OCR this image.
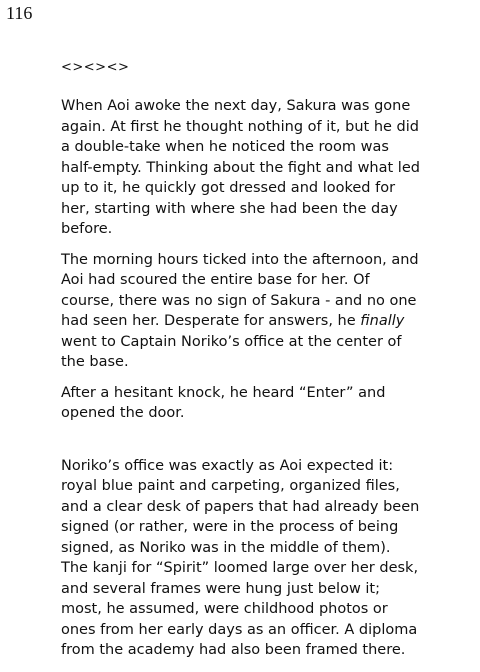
116
<><><>

When Aoi awoke the next day, Sakura was gone again. At first he thought nothing of it, but he did a double-take when he noticed the room was half-empty. Thinking about the fight and what led up to it, he quickly got dressed and looked for her, starting with where she had been the day before.

The morning hours ticked into the afternoon, and Aoi had scoured the entire base for her. Of course, there was no sign of Sakura - and no one had seen her. Desperate for answers, he finally went to Captain Noriko’s office at the center of the base.

After a hesitant knock, he heard “Enter” and opened the door.

Noriko’s office was exactly as Aoi expected it: royal blue paint and carpeting, organized files, and a clear desk of papers that had already been signed (or rather, were in the process of being signed, as Noriko was in the middle of them). The kanji for “Spirit” loomed large over her desk, and several frames were hung just below it; most, he assumed, were childhood photos or ones from her early days as an officer. A diploma from the academy had also been framed there.
